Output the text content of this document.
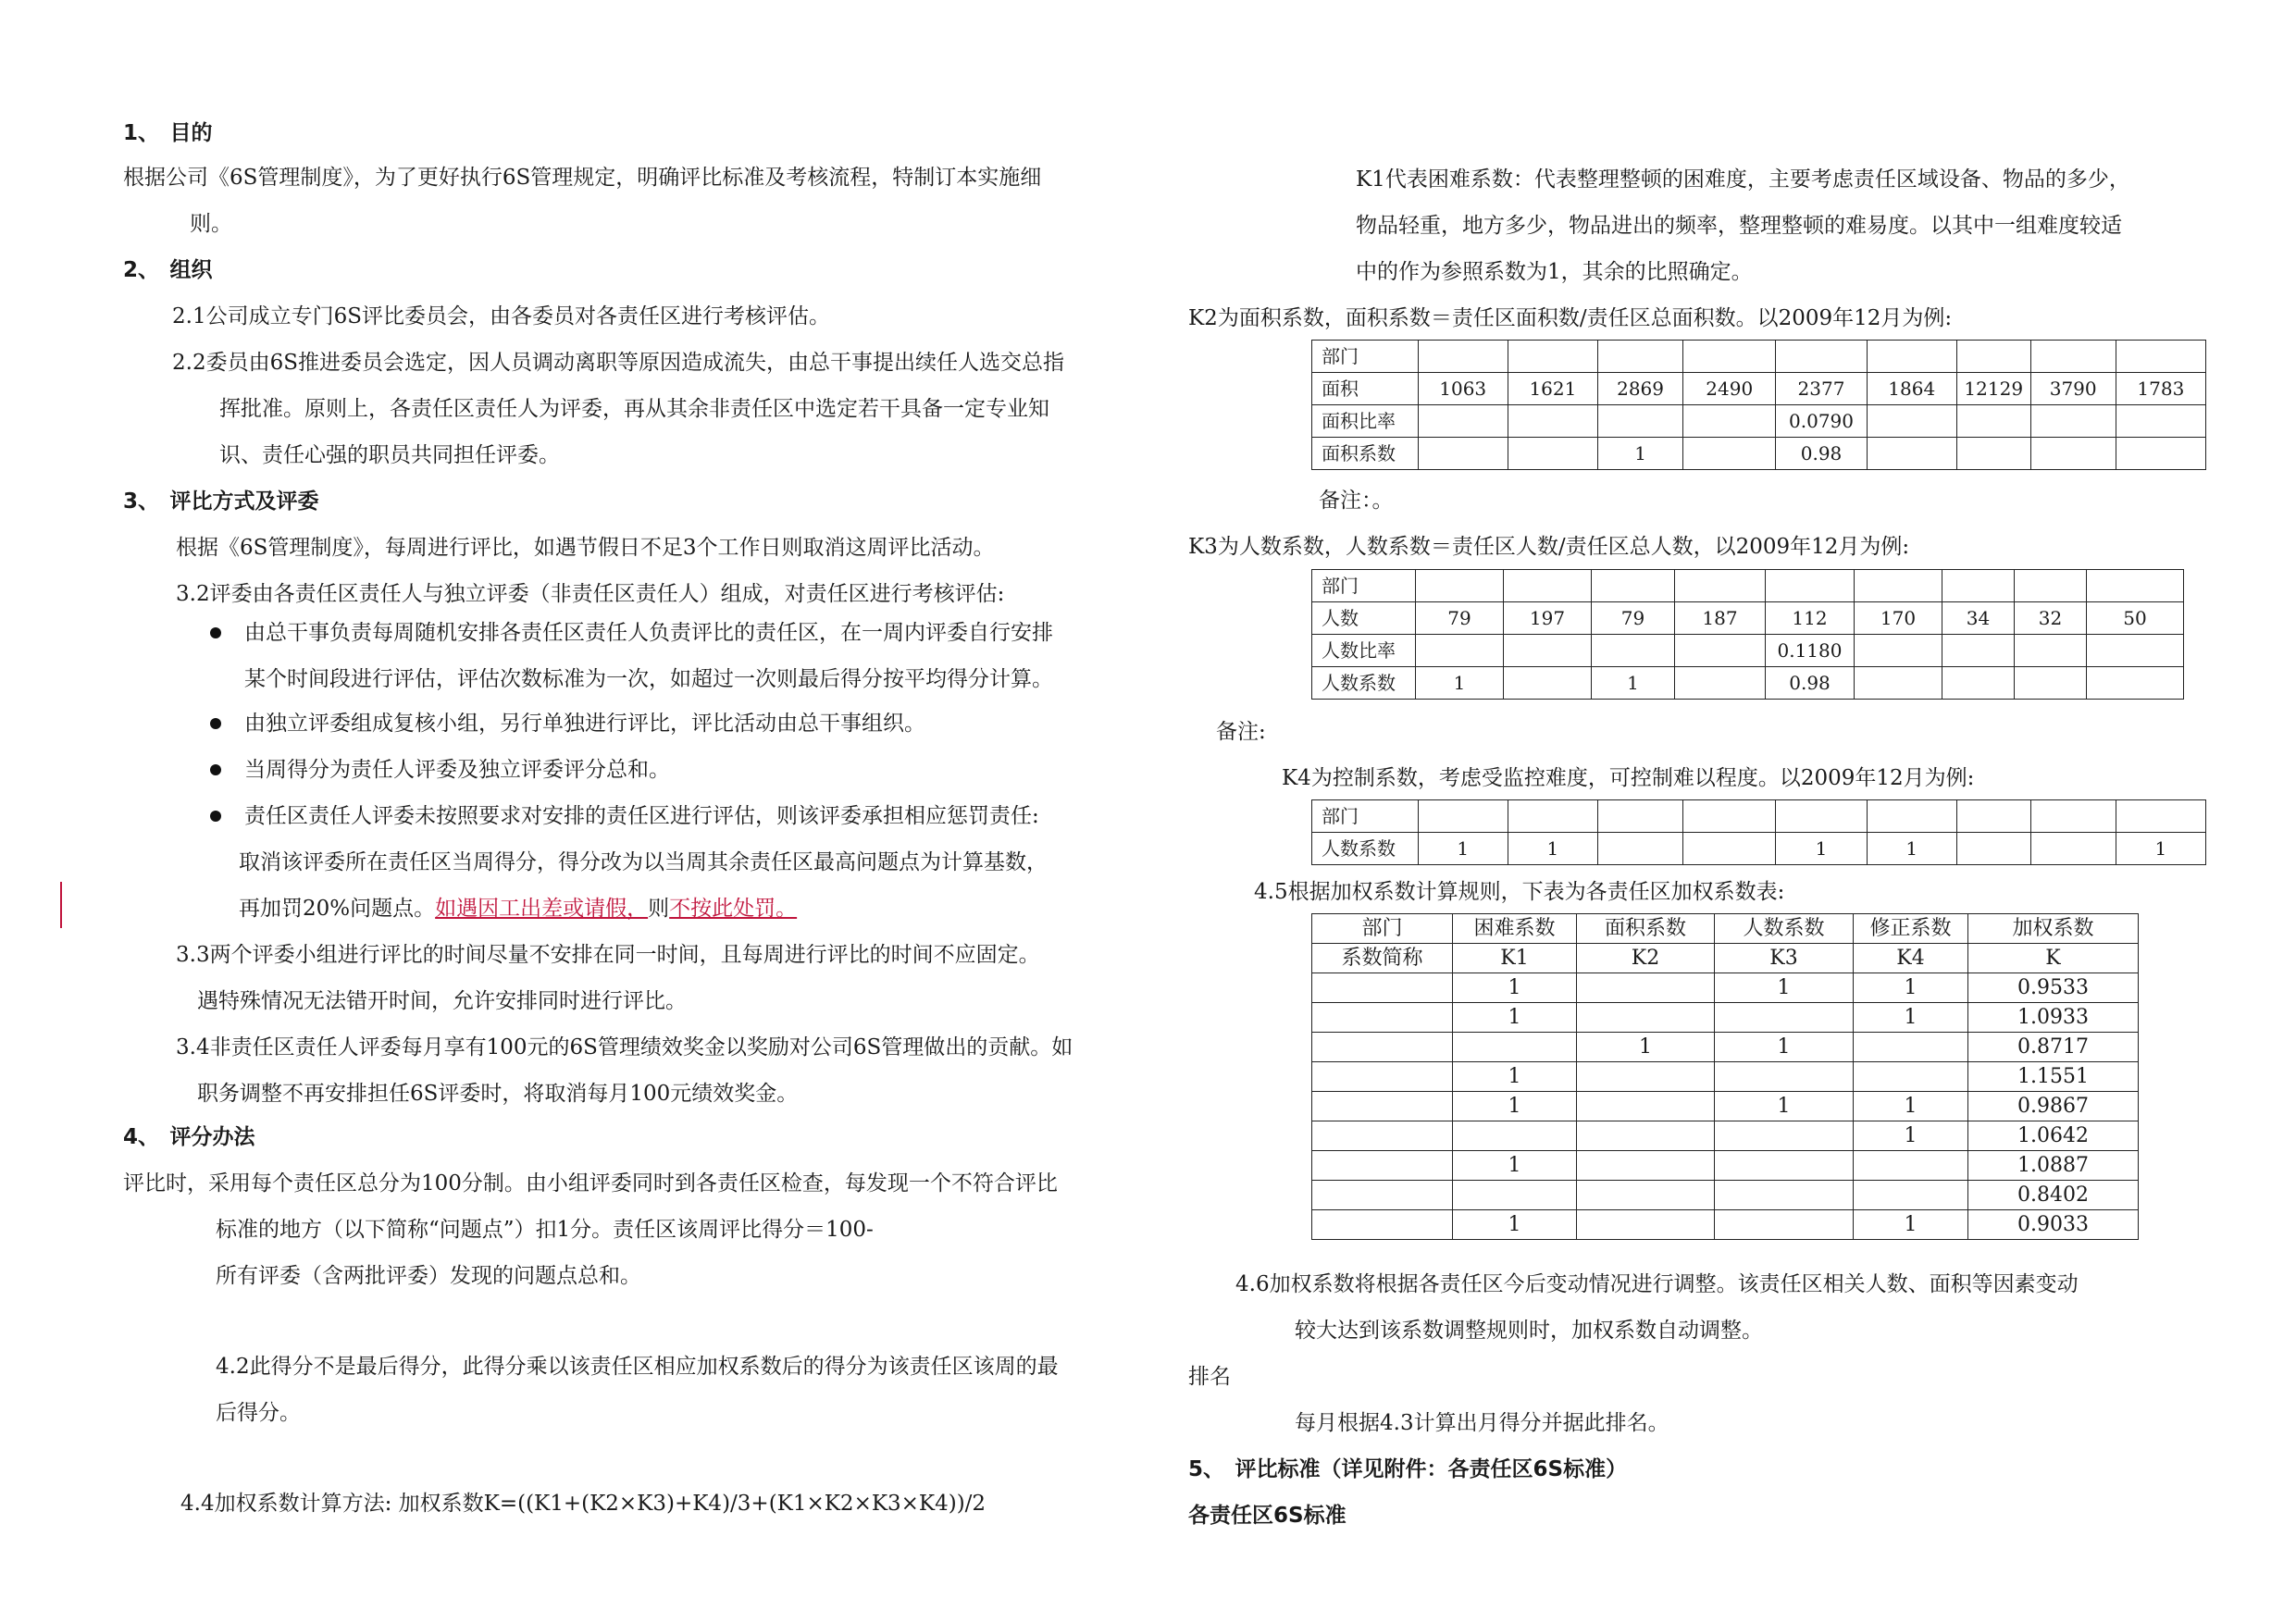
1、　目的
根据公司《6S管理制度》，为了更好执行6S管理规定，明确评比标准及考核流程，特制订本实施细
则。
2、　组织
2.1公司成立专门6S评比委员会，由各委员对各责任区进行考核评估。
2.2委员由6S推进委员会选定，因人员调动离职等原因造成流失，由总干事提出续任人选交总指
挥批准。原则上，各责任区责任人为评委，再从其余非责任区中选定若干具备一定专业知
识、责任心强的职员共同担任评委。
3、　评比方式及评委
根据《6S管理制度》，每周进行评比，如遇节假日不足3个工作日则取消这周评比活动。
3.2评委由各责任区责任人与独立评委（非责任区责任人）组成，对责任区进行考核评估:
由总干事负责每周随机安排各责任区责任人负责评比的责任区，在一周内评委自行安排
某个时间段进行评估，评估次数标准为一次，如超过一次则最后得分按平均得分计算。
由独立评委组成复核小组，另行单独进行评比，评比活动由总干事组织。
当周得分为责任人评委及独立评委评分总和。
责任区责任人评委未按照要求对安排的责任区进行评估，则该评委承担相应惩罚责任:
取消该评委所在责任区当周得分，得分改为以当周其余责任区最高问题点为计算基数，
再加罚20%问题点。如遇因工出差或请假，则不按此处罚。
3.3两个评委小组进行评比的时间尽量不安排在同一时间，且每周进行评比的时间不应固定。
遇特殊情况无法错开时间，允许安排同时进行评比。
3.4非责任区责任人评委每月享有100元的6S管理绩效奖金以奖励对公司6S管理做出的贡献。如
职务调整不再安排担任6S评委时，将取消每月100元绩效奖金。
4、　评分办法
评比时，采用每个责任区总分为100分制。由小组评委同时到各责任区检查，每发现一个不符合评比
标准的地方（以下简称“问题点”）扣1分。责任区该周评比得分＝100-
所有评委（含两批评委）发现的问题点总和。
4.2此得分不是最后得分，此得分乘以该责任区相应加权系数后的得分为该责任区该周的最
后得分。
4.4加权系数计算方法: 加权系数K=((K1+(K2×K3)+K4)/3+(K1×K2×K3×K4))/2
K1代表困难系数：代表整理整顿的困难度，主要考虑责任区域设备、物品的多少，
物品轻重，地方多少，物品进出的频率，整理整顿的难易度。以其中一组难度较适
中的作为参照系数为1，其余的比照确定。
K2为面积系数，面积系数＝责任区面积数/责任区总面积数。以2009年12月为例:
部门									
面积	1063	1621	2869	2490	2377	1864	12129	3790	1783
面积比率					0.0790				
面积系数			1		0.98				
备注：。
K3为人数系数，人数系数＝责任区人数/责任区总人数，以2009年12月为例:
部门									
人数	79	197	79	187	112	170	34	32	50
人数比率					0.1180				
人数系数	1		1		0.98				
备注:
K4为控制系数，考虑受监控难度，可控制难以程度。以2009年12月为例:
部门									
人数系数	1	1			1	1			1
4.5根据加权系数计算规则，下表为各责任区加权系数表:
部门	困难系数	面积系数	人数系数	修正系数	加权系数
系数简称	K1	K2	K3	K4	K
	1		1	1	0.9533
	1			1	1.0933
		1	1		0.8717
	1				1.1551
	1		1	1	0.9867
				1	1.0642
	1				1.0887
					0.8402
	1			1	0.9033
4.6加权系数将根据各责任区今后变动情况进行调整。该责任区相关人数、面积等因素变动
较大达到该系数调整规则时，加权系数自动调整。
排名
每月根据4.3计算出月得分并据此排名。
5、　评比标准（详见附件：各责任区6S标准）
各责任区6S标准
